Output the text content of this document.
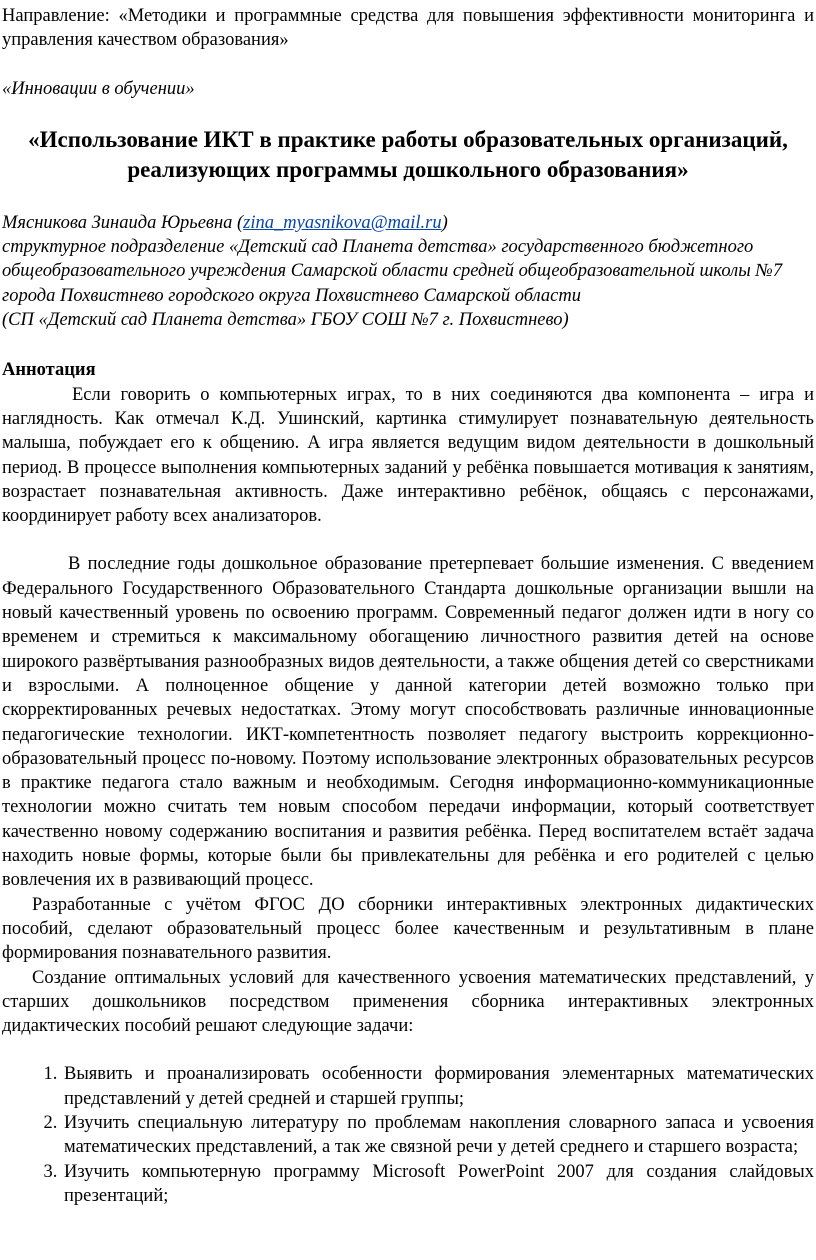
Направление: «Методики и программные средства для повышения эффективности мониторинга и управления качеством образования»

«Инновации в обучении»

«Использование ИКТ в практике работы образовательных организаций, реализующих программы дошкольного образования»

Мясникова Зинаида Юрьевна (zina_myasnikova@mail.ru)

структурное подразделение «Детский сад Планета детства» государственного бюджетного общеобразовательного учреждения Самарской области средней общеобразовательной школы №7 города Похвистнево городского округа Похвистнево Самарской области

(СП «Детский сад Планета детства» ГБОУ СОШ №7 г. Похвистнево)

Аннотация

Если говорить о компьютерных играх, то в них соединяются два компонента – игра и наглядность. Как отмечал К.Д. Ушинский, картинка стимулирует познавательную деятельность малыша, побуждает его к общению. А игра является ведущим видом деятельности в дошкольный период. В процессе выполнения компьютерных заданий у ребёнка повышается мотивация к занятиям, возрастает познавательная активность. Даже интерактивно ребёнок, общаясь с персонажами, координирует работу всех анализаторов.

В последние годы дошкольное образование претерпевает большие изменения. С введением Федерального Государственного Образовательного Стандарта дошкольные организации вышли на новый качественный уровень по освоению программ. Современный педагог должен идти в ногу со временем и стремиться к максимальному обогащению личностного развития детей на основе широкого развёртывания разнообразных видов деятельности, а также общения детей со сверстниками и взрослыми. А полноценное общение у данной категории детей возможно только при скорректированных речевых недостатках. Этому могут способствовать различные инновационные педагогические технологии. ИКТ-компетентность позволяет педагогу выстроить коррекционно-образовательный процесс по-новому. Поэтому использование электронных образовательных ресурсов в практике педагога стало важным и необходимым. Сегодня информационно-коммуникационные технологии можно считать тем новым способом передачи информации, который соответствует качественно новому содержанию воспитания и развития ребёнка. Перед воспитателем встаёт задача находить новые формы, которые были бы привлекательны для ребёнка и его родителей с целью вовлечения их в развивающий процесс.

Разработанные с учётом ФГОС ДО сборники интерактивных электронных дидактических пособий, сделают образовательный процесс более качественным и результативным в плане формирования познавательного развития.

Создание оптимальных условий для качественного усвоения математических представлений, у старших дошкольников посредством применения сборника интерактивных электронных дидактических пособий решают следующие задачи:

1. Выявить и проанализировать особенности формирования элементарных математических представлений у детей средней и старшей группы;
2. Изучить специальную литературу по проблемам накопления словарного запаса и усвоения математических представлений, а так же связной речи у детей среднего и старшего возраста;
3. Изучить компьютерную программу Microsoft PowerPoint 2007 для создания слайдовых презентаций;
